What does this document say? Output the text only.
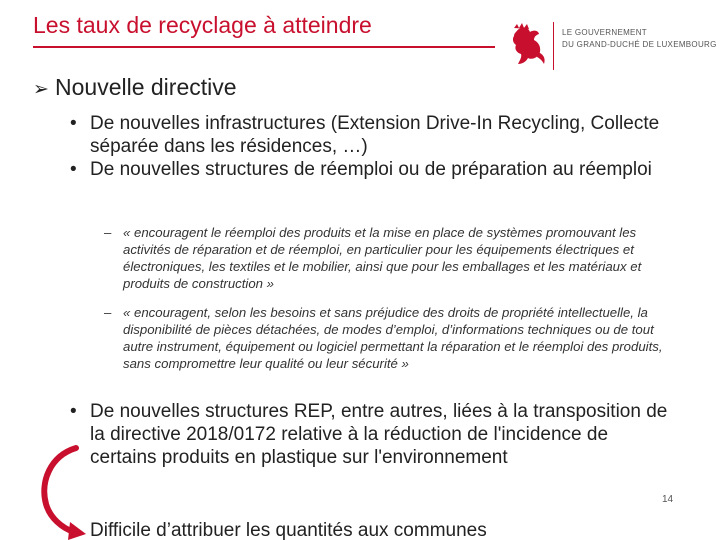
Les taux de recyclage à atteindre	LE GOUVERNEMENT
DU GRAND-DUCHÉ DE LUXEMBOURG
➢ Nouvelle directive
• De nouvelles infrastructures (Extension Drive-In Recycling, Collecte séparée dans les résidences, …)
• De nouvelles structures de réemploi ou de préparation au réemploi
– « encouragent le réemploi des produits et la mise en place de systèmes promouvant les activités de réparation et de réemploi, en particulier pour les équipements électriques et électroniques, les textiles et le mobilier, ainsi que pour les emballages et les matériaux et produits de construction »
– « encouragent, selon les besoins et sans préjudice des droits de propriété intellectuelle, la disponibilité de pièces détachées, de modes d’emploi, d’informations techniques ou de tout autre instrument, équipement ou logiciel permettant la réparation et le réemploi des produits, sans compromettre leur qualité ou leur sécurité »
• De nouvelles structures REP, entre autres, liées à la transposition de la directive 2018/0172 relative à la réduction de l'incidence de certains produits en plastique sur l'environnement
Difficile d’attribuer les quantités aux communes
14
